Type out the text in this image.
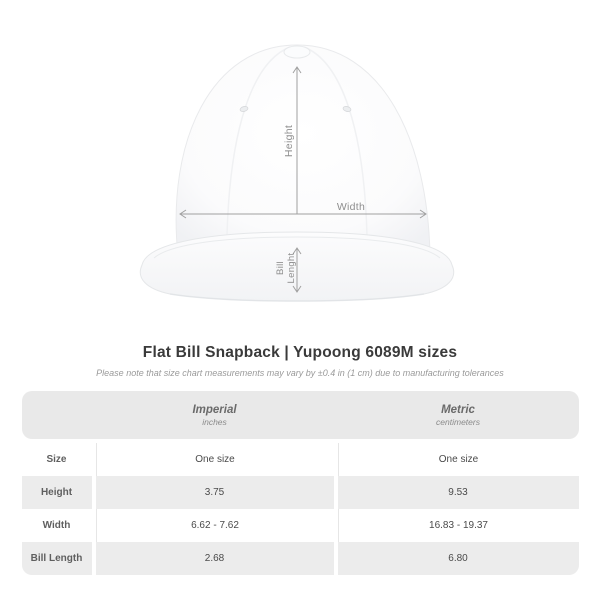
Height
Width
Bill Lenght
Flat Bill Snapback | Yupoong 6089M sizes
Please note that size chart measurements may vary by ±0.4 in (1 cm) due to manufacturing tolerances
Imperial
inches
Metric
centimeters
Size	One size	One size
Height	3.75	9.53
Width	6.62 - 7.62	16.83 - 19.37
Bill Length	2.68	6.80
